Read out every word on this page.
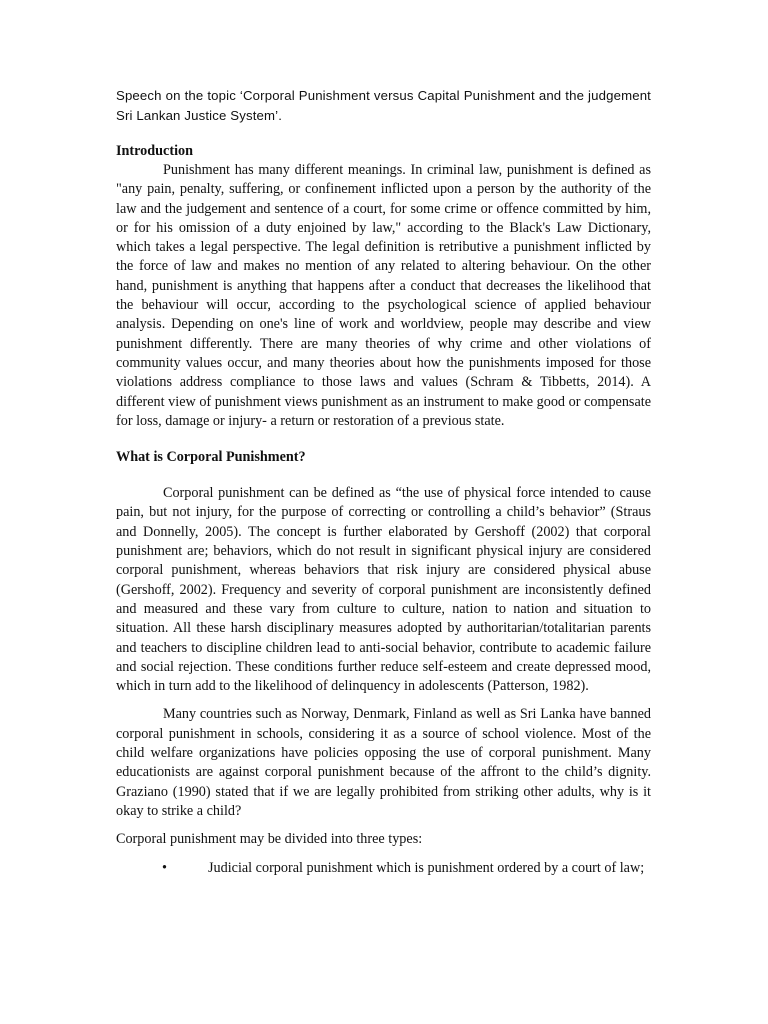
Speech on the topic ‘Corporal Punishment versus Capital Punishment and the judgement Sri Lankan Justice System’.

Introduction

Punishment has many different meanings. In criminal law, punishment is defined as "any pain, penalty, suffering, or confinement inflicted upon a person by the authority of the law and the judgement and sentence of a court, for some crime or offence committed by him, or for his omission of a duty enjoined by law," according to the Black's Law Dictionary, which takes a legal perspective. The legal definition is retributive a punishment inflicted by the force of law and makes no mention of any related to altering behaviour. On the other hand, punishment is anything that happens after a conduct that decreases the likelihood that the behaviour will occur, according to the psychological science of applied behaviour analysis. Depending on one's line of work and worldview, people may describe and view punishment differently. There are many theories of why crime and other violations of community values occur, and many theories about how the punishments imposed for those violations address compliance to those laws and values (Schram & Tibbetts, 2014). A different view of punishment views punishment as an instrument to make good or compensate for loss, damage or injury- a return or restoration of a previous state.

What is Corporal Punishment?

Corporal punishment can be defined as “the use of physical force intended to cause pain, but not injury, for the purpose of correcting or controlling a child’s behavior” (Straus and Donnelly, 2005). The concept is further elaborated by Gershoff (2002) that corporal punishment are; behaviors, which do not result in significant physical injury are considered corporal punishment, whereas behaviors that risk injury are considered physical abuse (Gershoff, 2002). Frequency and severity of corporal punishment are inconsistently defined and measured and these vary from culture to culture, nation to nation and situation to situation. All these harsh disciplinary measures adopted by authoritarian/totalitarian parents and teachers to discipline children lead to anti-social behavior, contribute to academic failure and social rejection. These conditions further reduce self-esteem and create depressed mood, which in turn add to the likelihood of delinquency in adolescents (Patterson, 1982).

Many countries such as Norway, Denmark, Finland as well as Sri Lanka have banned corporal punishment in schools, considering it as a source of school violence. Most of the child welfare organizations have policies opposing the use of corporal punishment. Many educationists are against corporal punishment because of the affront to the child’s dignity. Graziano (1990) stated that if we are legally prohibited from striking other adults, why is it okay to strike a child?

Corporal punishment may be divided into three types:

•	Judicial corporal punishment which is punishment ordered by a court of law;
